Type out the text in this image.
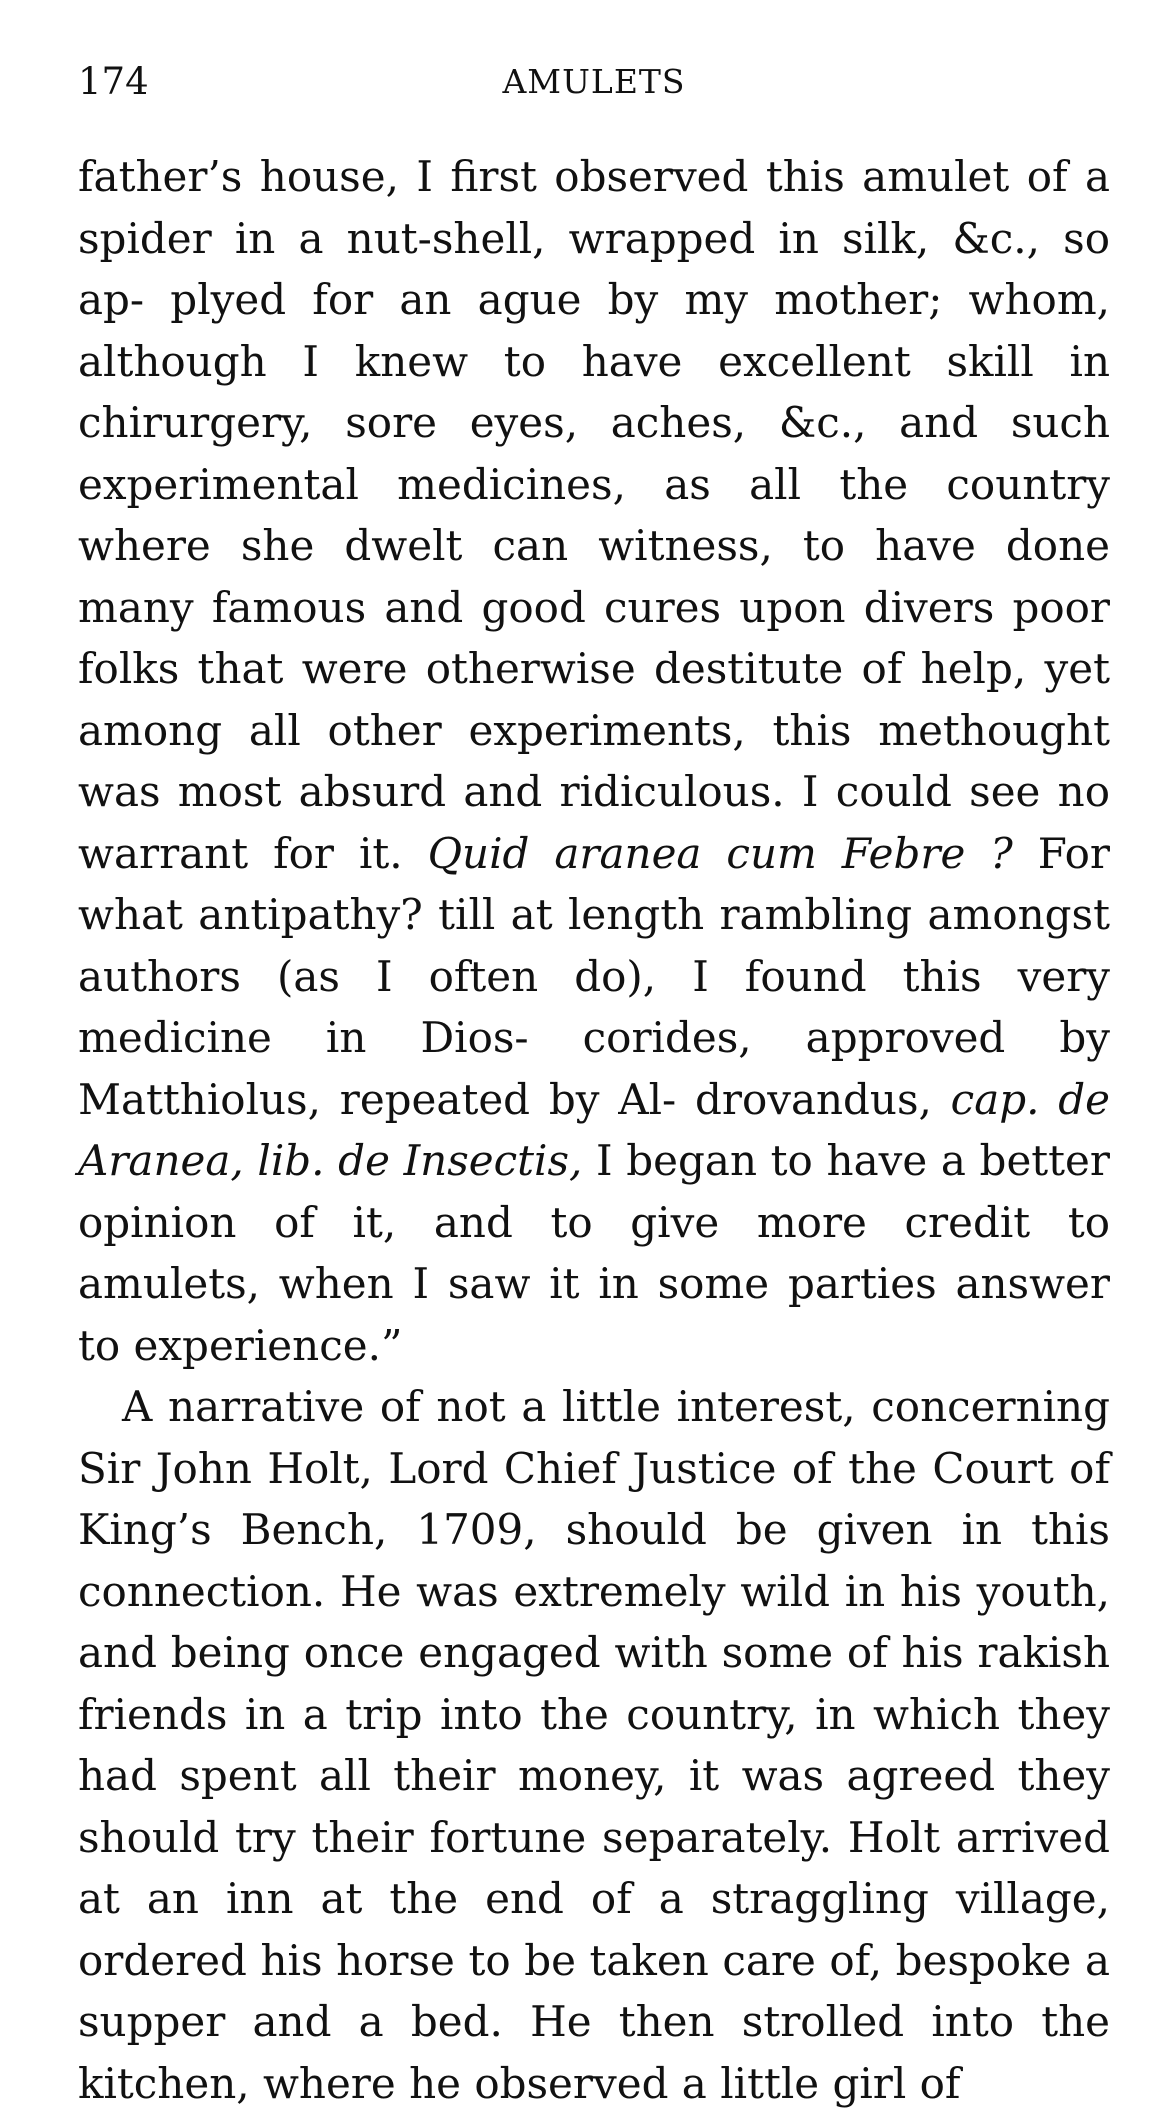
174	AMULETS

father’s house, I first observed this amulet of a spider in a nut-shell, wrapped in silk, &c., so ap- plyed for an ague by my mother; whom, although I knew to have excellent skill in chirurgery, sore eyes, aches, &c., and such experimental medicines, as all the country where she dwelt can witness, to have done many famous and good cures upon divers poor folks that were otherwise destitute of help, yet among all other experiments, this methought was most absurd and ridiculous. I could see no warrant for it. Quid aranea cum Febre ? For what antipathy? till at length rambling amongst authors (as I often do), I found this very medicine in Dios- corides, approved by Matthiolus, repeated by Al- drovandus, cap. de Aranea, lib. de Insectis, I began to have a better opinion of it, and to give more credit to amulets, when I saw it in some parties answer to experience.”

A narrative of not a little interest, concerning Sir John Holt, Lord Chief Justice of the Court of King’s Bench, 1709, should be given in this connection. He was extremely wild in his youth, and being once engaged with some of his rakish friends in a trip into the country, in which they had spent all their money, it was agreed they should try their fortune separately. Holt arrived at an inn at the end of a straggling village, ordered his horse to be taken care of, bespoke a supper and a bed. He then strolled into the kitchen, where he observed a little girl of
